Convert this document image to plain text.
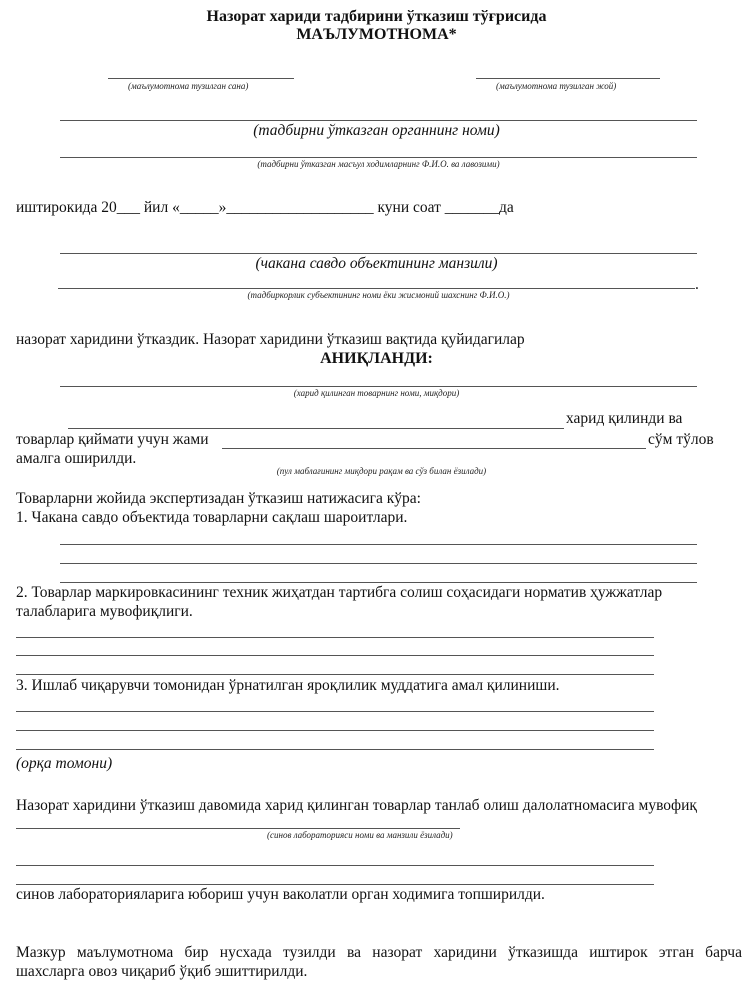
Назорат хариди тадбирини ўтказиш тўғрисида
МАЪЛУМОТНОМА*
(маълумотнома тузилган сана)	(маълумотнома тузилган жой)
(тадбирни ўтказган органнинг номи)
(тадбирни ўтказган масъул ходимларнинг Ф.И.О. ва лавозими)
иштирокида 20___ йил «_____»___________________ куни соат _______да
(чакана савдо объектининг манзили)
.
(тадбиркорлик субъектининг номи ёки жисмоний шахснинг Ф.И.О.)
назорат харидини ўтказдик. Назорат харидини ўтказиш вақтида қуйидагилар
АНИҚЛАНДИ:
(харид қилинган товарнинг номи, миқдори)
харид қилинди ва
товарлар қиймати учун жами	сўм тўлов
амалга оширилди.
(пул маблағининг миқдори рақам ва сўз билан ёзилади)
Товарларни жойида экспертизадан ўтказиш натижасига кўра:
1. Чакана савдо объектида товарларни сақлаш шароитлари.
2. Товарлар маркировкасининг техник жиҳатдан тартибга солиш соҳасидаги норматив ҳужжатлар
талабларига мувофиқлиги.
3. Ишлаб чиқарувчи томонидан ўрнатилган яроқлилик муддатига амал қилиниши.
(орқа томони)
Назорат харидини ўтказиш давомида харид қилинган товарлар танлаб олиш далолатномасига мувофиқ
(синов лабораторияси номи ва манзили ёзилади)
синов лабораторияларига юбориш учун ваколатли орган ходимига топширилди.
Мазкур маълумотнома бир нусхада тузилди ва назорат харидини ўтказишда иштирок этган барча
шахсларга овоз чиқариб ўқиб эшиттирилди.
